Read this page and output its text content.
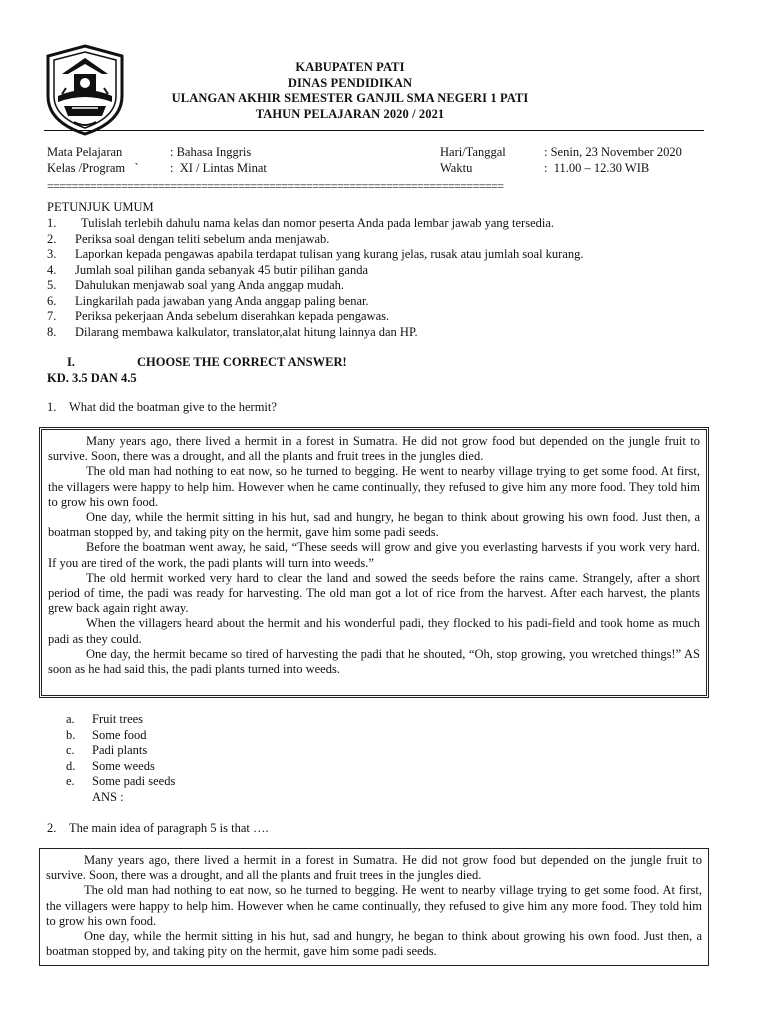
KABUPATEN PATI
DINAS PENDIDIKAN
ULANGAN AKHIR SEMESTER GANJIL SMA NEGERI 1 PATI
TAHUN PELAJARAN 2020 / 2021
Mata Pelajaran	: Bahasa Inggris
Kelas /Program   `	:  XI / Lintas Minat
Hari/Tanggal	: Senin, 23 November 2020
Waktu	:  11.00 – 12.30 WIB
==========================================================================
PETUNJUK UMUM
1.  Tulislah terlebih dahulu nama kelas dan nomor peserta Anda pada lembar jawab yang tersedia.
2. Periksa soal dengan teliti sebelum anda menjawab.
3. Laporkan kepada pengawas apabila terdapat tulisan yang kurang jelas, rusak atau jumlah soal kurang.
4. Jumlah soal pilihan ganda sebanyak 45 butir pilihan ganda
5. Dahulukan menjawab soal yang Anda anggap mudah.
6. Lingkarilah pada jawaban yang Anda anggap paling benar.
7. Periksa pekerjaan Anda sebelum diserahkan kepada pengawas.
8. Dilarang membawa kalkulator, translator,alat hitung lainnya dan HP.
I.	CHOOSE THE CORRECT ANSWER!
KD. 3.5 DAN 4.5
1. What did the boatman give to the hermit?

Many years ago, there lived a hermit in a forest in Sumatra. He did not grow food but depended on the jungle fruit to survive. Soon, there was a drought, and all the plants and fruit trees in the jungles died.

The old man had nothing to eat now, so he turned to begging. He went to nearby village trying to get some food. At first, the villagers were happy to help him. However when he came continually, they refused to give him any more food. They told him to grow his own food.

One day, while the hermit sitting in his hut, sad and hungry, he began to think about growing his own food. Just then, a boatman stopped by, and taking pity on the hermit, gave him some padi seeds.

Before the boatman went away, he said, “These seeds will grow and give you everlasting harvests if you work very hard. If you are tired of the work, the padi plants will turn into weeds.”

The old hermit worked very hard to clear the land and sowed the seeds before the rains came. Strangely, after a short period of time, the padi was ready for harvesting. The old man got a lot of rice from the harvest. After each harvest, the plants grew back again right away.

When the villagers heard about the hermit and his wonderful padi, they flocked to his padi-field and took home as much padi as they could.

One day, the hermit became so tired of harvesting the padi that he shouted, “Oh, stop growing, you wretched things!” AS soon as he had said this, the padi plants turned into weeds.

a. Fruit trees
b. Some food
c. Padi plants
d. Some weeds
e. Some padi seeds
ANS :
2. The main idea of paragraph 5 is that ….

Many years ago, there lived a hermit in a forest in Sumatra. He did not grow food but depended on the jungle fruit to survive. Soon, there was a drought, and all the plants and fruit trees in the jungles died.

The old man had nothing to eat now, so he turned to begging. He went to nearby village trying to get some food. At first, the villagers were happy to help him. However when he came continually, they refused to give him any more food. They told him to grow his own food.

One day, while the hermit sitting in his hut, sad and hungry, he began to think about growing his own food. Just then, a boatman stopped by, and taking pity on the hermit, gave him some padi seeds.
